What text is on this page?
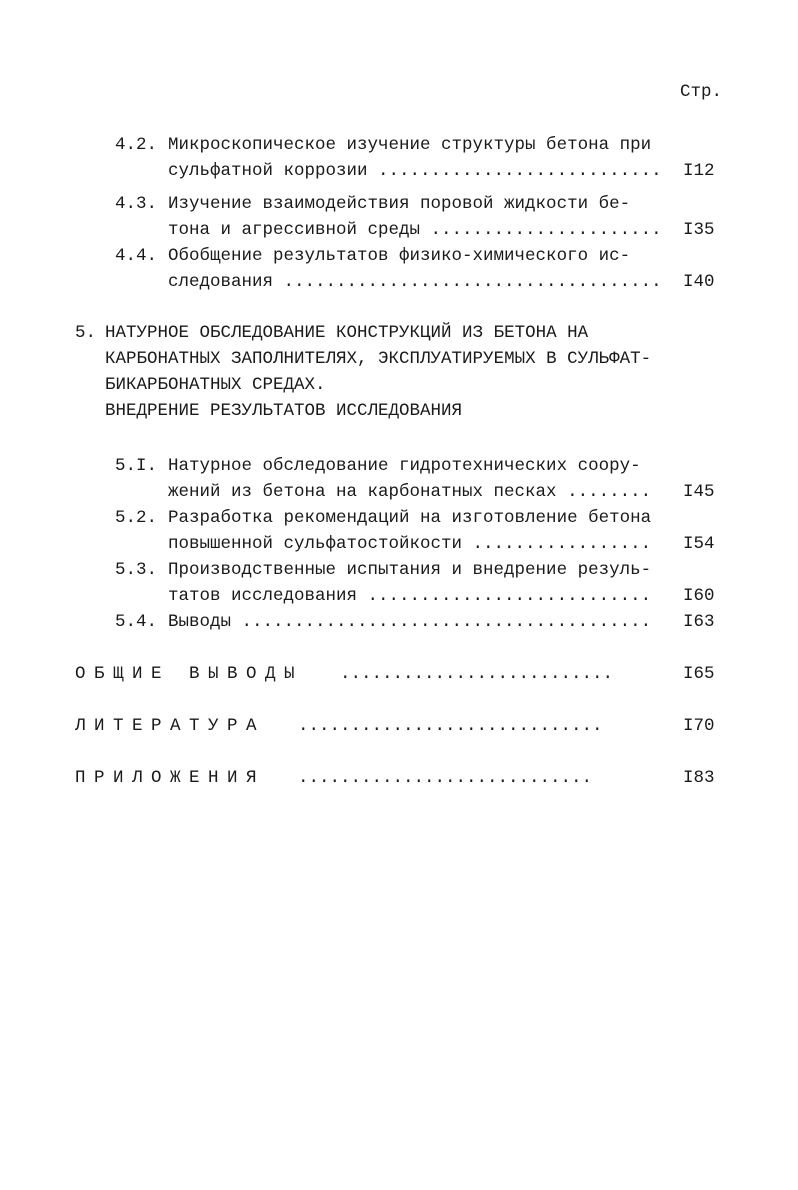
Стр.
4.2. Микроскопическое изучение структуры бетона при
сульфатной коррозии ........................... I12
4.3. Изучение взаимодействия поровой жидкости бе-
тона и агрессивной среды ...................... I35
4.4. Обобщение результатов физико-химического ис-
следования .................................... I40
5. НАТУРНОЕ ОБСЛЕДОВАНИЕ КОНСТРУКЦИЙ ИЗ БЕТОНА НА
КАРБОНАТНЫХ ЗАПОЛНИТЕЛЯХ, ЭКСПЛУАТИРУЕМЫХ В СУЛЬФАТ-
БИКАРБОНАТНЫХ СРЕДАХ.
ВНЕДРЕНИЕ РЕЗУЛЬТАТОВ ИССЛЕДОВАНИЯ
5.I. Натурное обследование гидротехнических соору-
жений из бетона на карбонатных песках ........ I45
5.2. Разработка рекомендаций на изготовление бетона
повышенной сульфатостойкости ................. I54
5.3. Производственные испытания и внедрение резуль-
татов исследования ........................... I60
5.4. Выводы ....................................... I63
ОБЩИЕ ВЫВОДЫ ..........................	I65
ЛИТЕРАТУРА .............................	I70
ПРИЛОЖЕНИЯ ............................	I83
